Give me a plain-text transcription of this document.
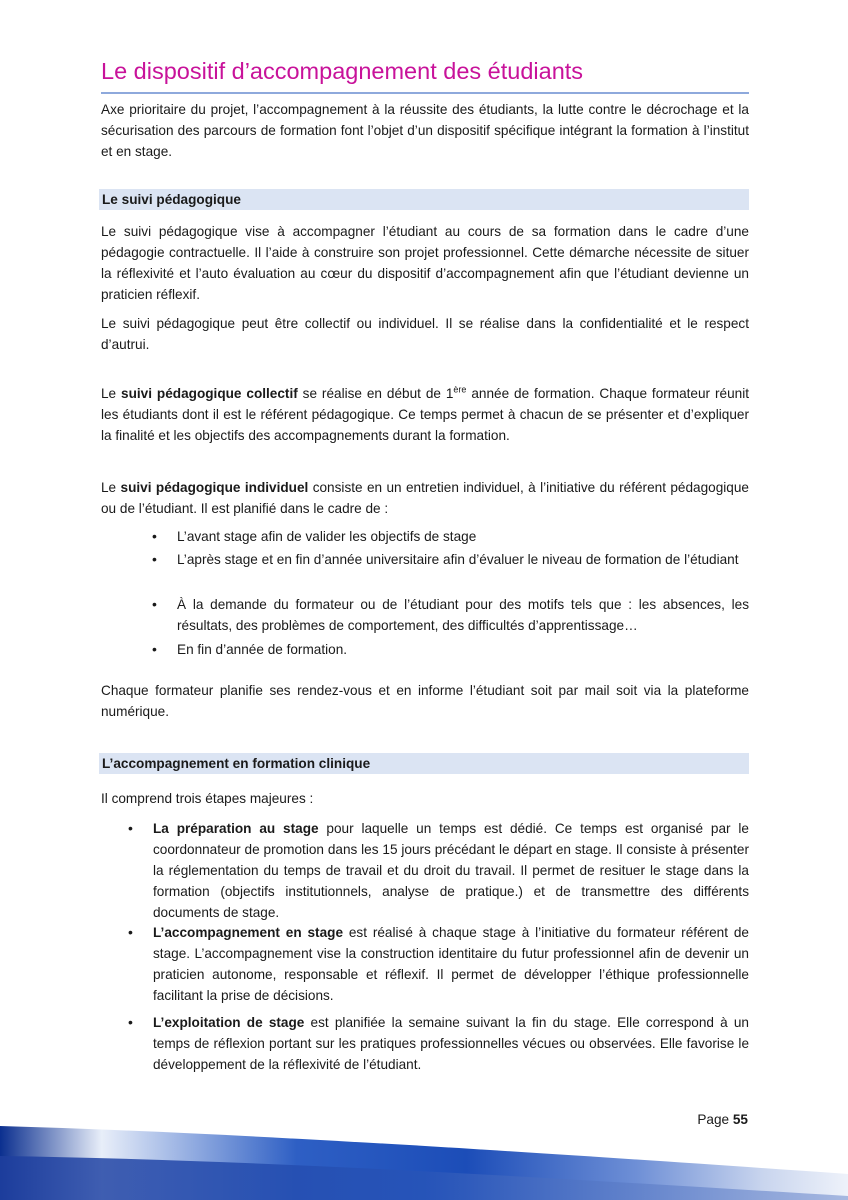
Le dispositif d’accompagnement des étudiants

Axe prioritaire du projet, l’accompagnement à la réussite des étudiants, la lutte contre le décrochage et la sécurisation des parcours de formation font l’objet d’un dispositif spécifique intégrant la formation à l’institut et en stage.

Le suivi pédagogique

Le suivi pédagogique vise à accompagner l’étudiant au cours de sa formation dans le cadre d’une pédagogie contractuelle. Il l’aide à construire son projet professionnel. Cette démarche nécessite de situer la réflexivité et l’auto évaluation au cœur du dispositif d’accompagnement afin que l’étudiant devienne un praticien réflexif.

Le suivi pédagogique peut être collectif ou individuel. Il se réalise dans la confidentialité et le respect d’autrui.

Le suivi pédagogique collectif se réalise en début de 1ère année de formation. Chaque formateur réunit les étudiants dont il est le référent pédagogique. Ce temps permet à chacun de se présenter et d’expliquer la finalité et les objectifs des accompagnements durant la formation.

Le suivi pédagogique individuel consiste en un entretien individuel, à l’initiative du référent pédagogique ou de l’étudiant. Il est planifié dans le cadre de :

• L’avant stage afin de valider les objectifs de stage

• L’après stage et en fin d’année universitaire afin d’évaluer le niveau de formation de l’étudiant

• À la demande du formateur ou de l’étudiant pour des motifs tels que : les absences, les résultats, des problèmes de comportement, des difficultés d’apprentissage…

• En fin d’année de formation.

Chaque formateur planifie ses rendez-vous et en informe l’étudiant soit par mail soit via la plateforme numérique.

L’accompagnement en formation clinique

Il comprend trois étapes majeures :

• La préparation au stage pour laquelle un temps est dédié. Ce temps est organisé par le coordonnateur de promotion dans les 15 jours précédant le départ en stage. Il consiste à présenter la réglementation du temps de travail et du droit du travail. Il permet de resituer le stage dans la formation (objectifs institutionnels, analyse de pratique.) et de transmettre des différents documents de stage.

• L’accompagnement en stage est réalisé à chaque stage à l’initiative du formateur référent de stage. L’accompagnement vise la construction identitaire du futur professionnel afin de devenir un praticien autonome, responsable et réflexif. Il permet de développer l’éthique professionnelle facilitant la prise de décisions.

• L’exploitation de stage est planifiée la semaine suivant la fin du stage. Elle correspond à un temps de réflexion portant sur les pratiques professionnelles vécues ou observées. Elle favorise le développement de la réflexivité de l’étudiant.

Page 55
